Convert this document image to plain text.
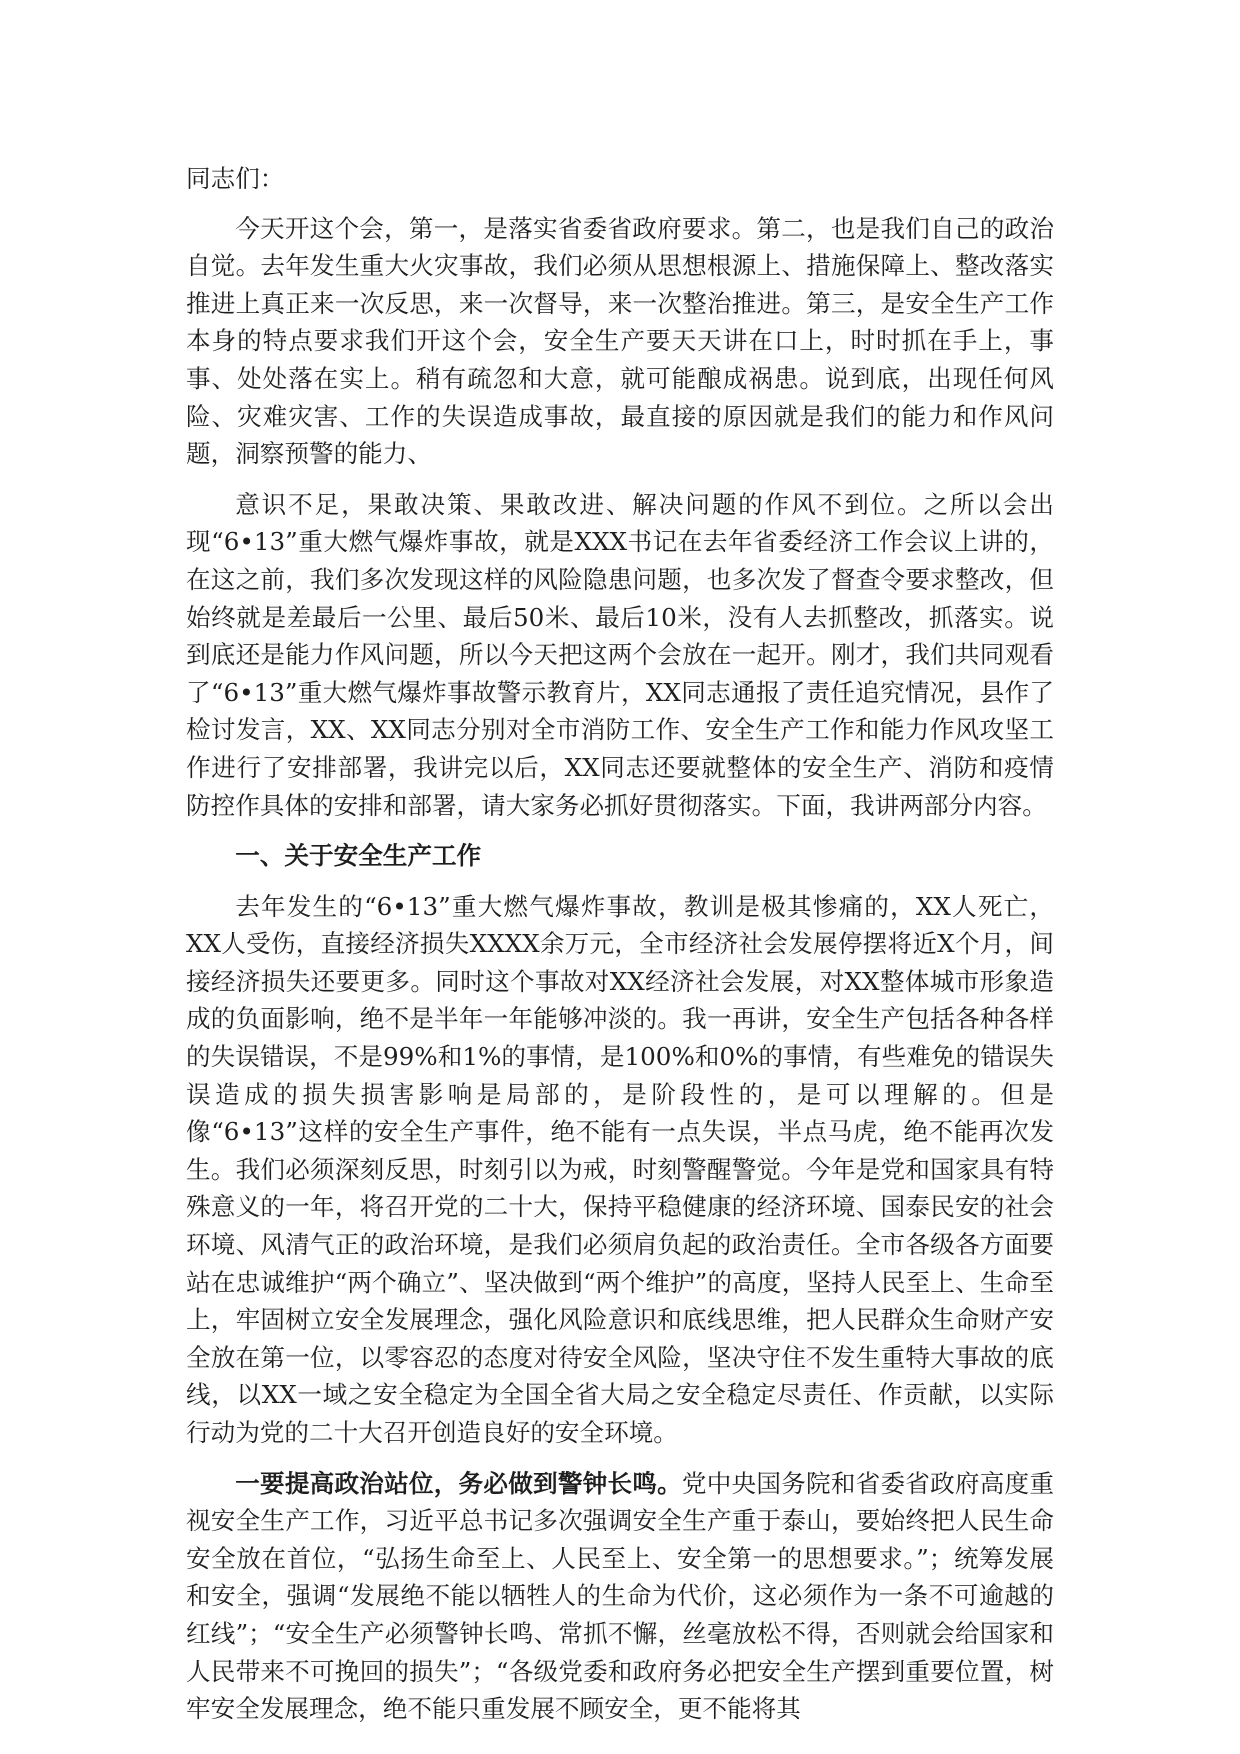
同志们：

今天开这个会，第一，是落实省委省政府要求。第二，也是我们自己的政治自觉。去年发生重大火灾事故，我们必须从思想根源上、措施保障上、整改落实推进上真正来一次反思，来一次督导，来一次整治推进。第三，是安全生产工作本身的特点要求我们开这个会，安全生产要天天讲在口上，时时抓在手上，事事、处处落在实上。稍有疏忽和大意，就可能酿成祸患。说到底，出现任何风险、灾难灾害、工作的失误造成事故，最直接的原因就是我们的能力和作风问题，洞察预警的能力、

意识不足，果敢决策、果敢改进、解决问题的作风不到位。之所以会出现“6•13”重大燃气爆炸事故，就是XXX书记在去年省委经济工作会议上讲的，在这之前，我们多次发现这样的风险隐患问题，也多次发了督查令要求整改，但始终就是差最后一公里、最后50米、最后10米，没有人去抓整改，抓落实。说到底还是能力作风问题，所以今天把这两个会放在一起开。刚才，我们共同观看了“6•13”重大燃气爆炸事故警示教育片，XX同志通报了责任追究情况，县作了检讨发言，XX、XX同志分别对全市消防工作、安全生产工作和能力作风攻坚工作进行了安排部署，我讲完以后，XX同志还要就整体的安全生产、消防和疫情防控作具体的安排和部署，请大家务必抓好贯彻落实。下面，我讲两部分内容。

一、关于安全生产工作

去年发生的“6•13”重大燃气爆炸事故，教训是极其惨痛的，XX人死亡，XX人受伤，直接经济损失XXXX余万元，全市经济社会发展停摆将近X个月，间接经济损失还要更多。同时这个事故对XX经济社会发展，对XX整体城市形象造成的负面影响，绝不是半年一年能够冲淡的。我一再讲，安全生产包括各种各样的失误错误，不是99%和1%的事情，是100%和0%的事情，有些难免的错误失误造成的损失损害影响是局部的，是阶段性的，是可以理解的。但是像“6•13”这样的安全生产事件，绝不能有一点失误，半点马虎，绝不能再次发生。我们必须深刻反思，时刻引以为戒，时刻警醒警觉。今年是党和国家具有特殊意义的一年，将召开党的二十大，保持平稳健康的经济环境、国泰民安的社会环境、风清气正的政治环境，是我们必须肩负起的政治责任。全市各级各方面要站在忠诚维护“两个确立”、坚决做到“两个维护”的高度，坚持人民至上、生命至上，牢固树立安全发展理念，强化风险意识和底线思维，把人民群众生命财产安全放在第一位，以零容忍的态度对待安全风险，坚决守住不发生重特大事故的底线，以XX一域之安全稳定为全国全省大局之安全稳定尽责任、作贡献，以实际行动为党的二十大召开创造良好的安全环境。

一要提高政治站位，务必做到警钟长鸣。党中央国务院和省委省政府高度重视安全生产工作，习近平总书记多次强调安全生产重于泰山，要始终把人民生命安全放在首位，“弘扬生命至上、人民至上、安全第一的思想要求。”；统筹发展和安全，强调“发展绝不能以牺牲人的生命为代价，这必须作为一条不可逾越的红线”；“安全生产必须警钟长鸣、常抓不懈，丝毫放松不得，否则就会给国家和人民带来不可挽回的损失”；“各级党委和政府务必把安全生产摆到重要位置，树牢安全发展理念，绝不能只重发展不顾安全，更不能将其
